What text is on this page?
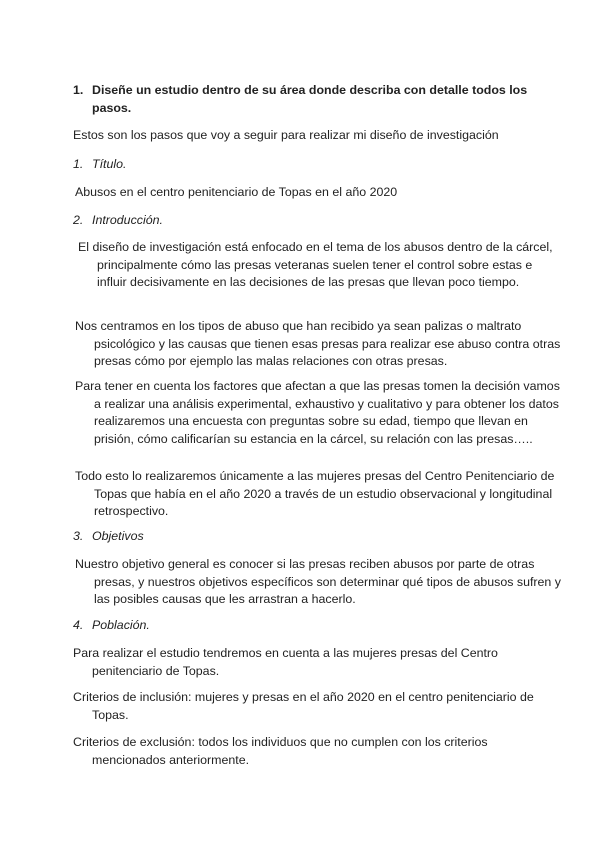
1. Diseñe un estudio dentro de su área donde describa con detalle todos los pasos.
Estos son los pasos que voy a seguir para realizar mi diseño de investigación
1. Título.
Abusos en el centro penitenciario de Topas en el año 2020
2. Introducción.
El diseño de investigación está enfocado en el tema de los abusos dentro de la cárcel, principalmente cómo las presas veteranas suelen tener el control sobre estas e influir decisivamente en las decisiones de las presas que llevan poco tiempo.
Nos centramos en los tipos de abuso que han recibido ya sean palizas o maltrato psicológico y las causas que tienen esas presas para realizar ese abuso contra otras presas cómo por ejemplo las malas relaciones con otras presas.
Para tener en cuenta los factores que afectan a que las presas tomen la decisión vamos a realizar una análisis experimental, exhaustivo y cualitativo y para obtener los datos realizaremos una encuesta con preguntas sobre su edad, tiempo que llevan en prisión, cómo calificarían su estancia en la cárcel, su relación con las presas…..
Todo esto lo realizaremos únicamente a las mujeres presas del Centro Penitenciario de Topas que había en el año 2020 a través de un estudio observacional y longitudinal retrospectivo.
3. Objetivos
Nuestro objetivo general es conocer si las presas reciben abusos por parte de otras presas, y nuestros objetivos específicos son determinar qué tipos de abusos sufren y las posibles causas que les arrastran a hacerlo.
4. Población.
Para realizar el estudio tendremos en cuenta a las mujeres presas del Centro penitenciario de Topas.
Criterios de inclusión: mujeres y presas en el año 2020 en el centro penitenciario de Topas.
Criterios de exclusión: todos los individuos que no cumplen con los criterios mencionados anteriormente.
